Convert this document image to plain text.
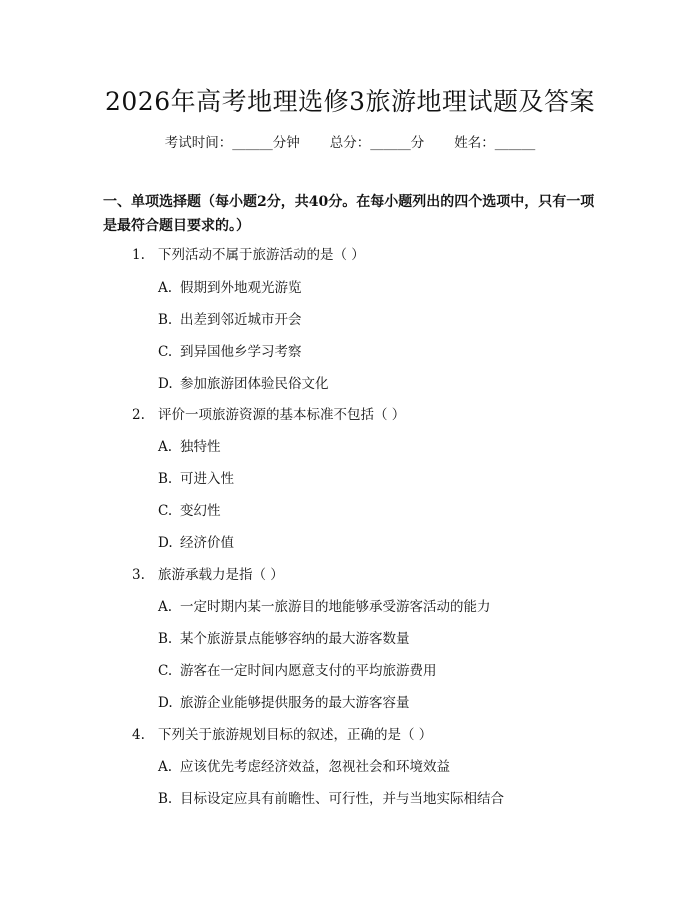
2026年高考地理选修3旅游地理试题及答案
考试时间：______分钟 总分：______分 姓名：______
一、单项选择题（每小题2分，共40分。在每小题列出的四个选项中，只有一项是最符合题目要求的。）
1. 下列活动不属于旅游活动的是（ ）
A. 假期到外地观光游览
B. 出差到邻近城市开会
C. 到异国他乡学习考察
D. 参加旅游团体验民俗文化
2. 评价一项旅游资源的基本标准不包括（ ）
A. 独特性
B. 可进入性
C. 变幻性
D. 经济价值
3. 旅游承载力是指（ ）
A. 一定时期内某一旅游目的地能够承受游客活动的能力
B. 某个旅游景点能够容纳的最大游客数量
C. 游客在一定时间内愿意支付的平均旅游费用
D. 旅游企业能够提供服务的最大游客容量
4. 下列关于旅游规划目标的叙述，正确的是（ ）
A. 应该优先考虑经济效益，忽视社会和环境效益
B. 目标设定应具有前瞻性、可行性，并与当地实际相结合
